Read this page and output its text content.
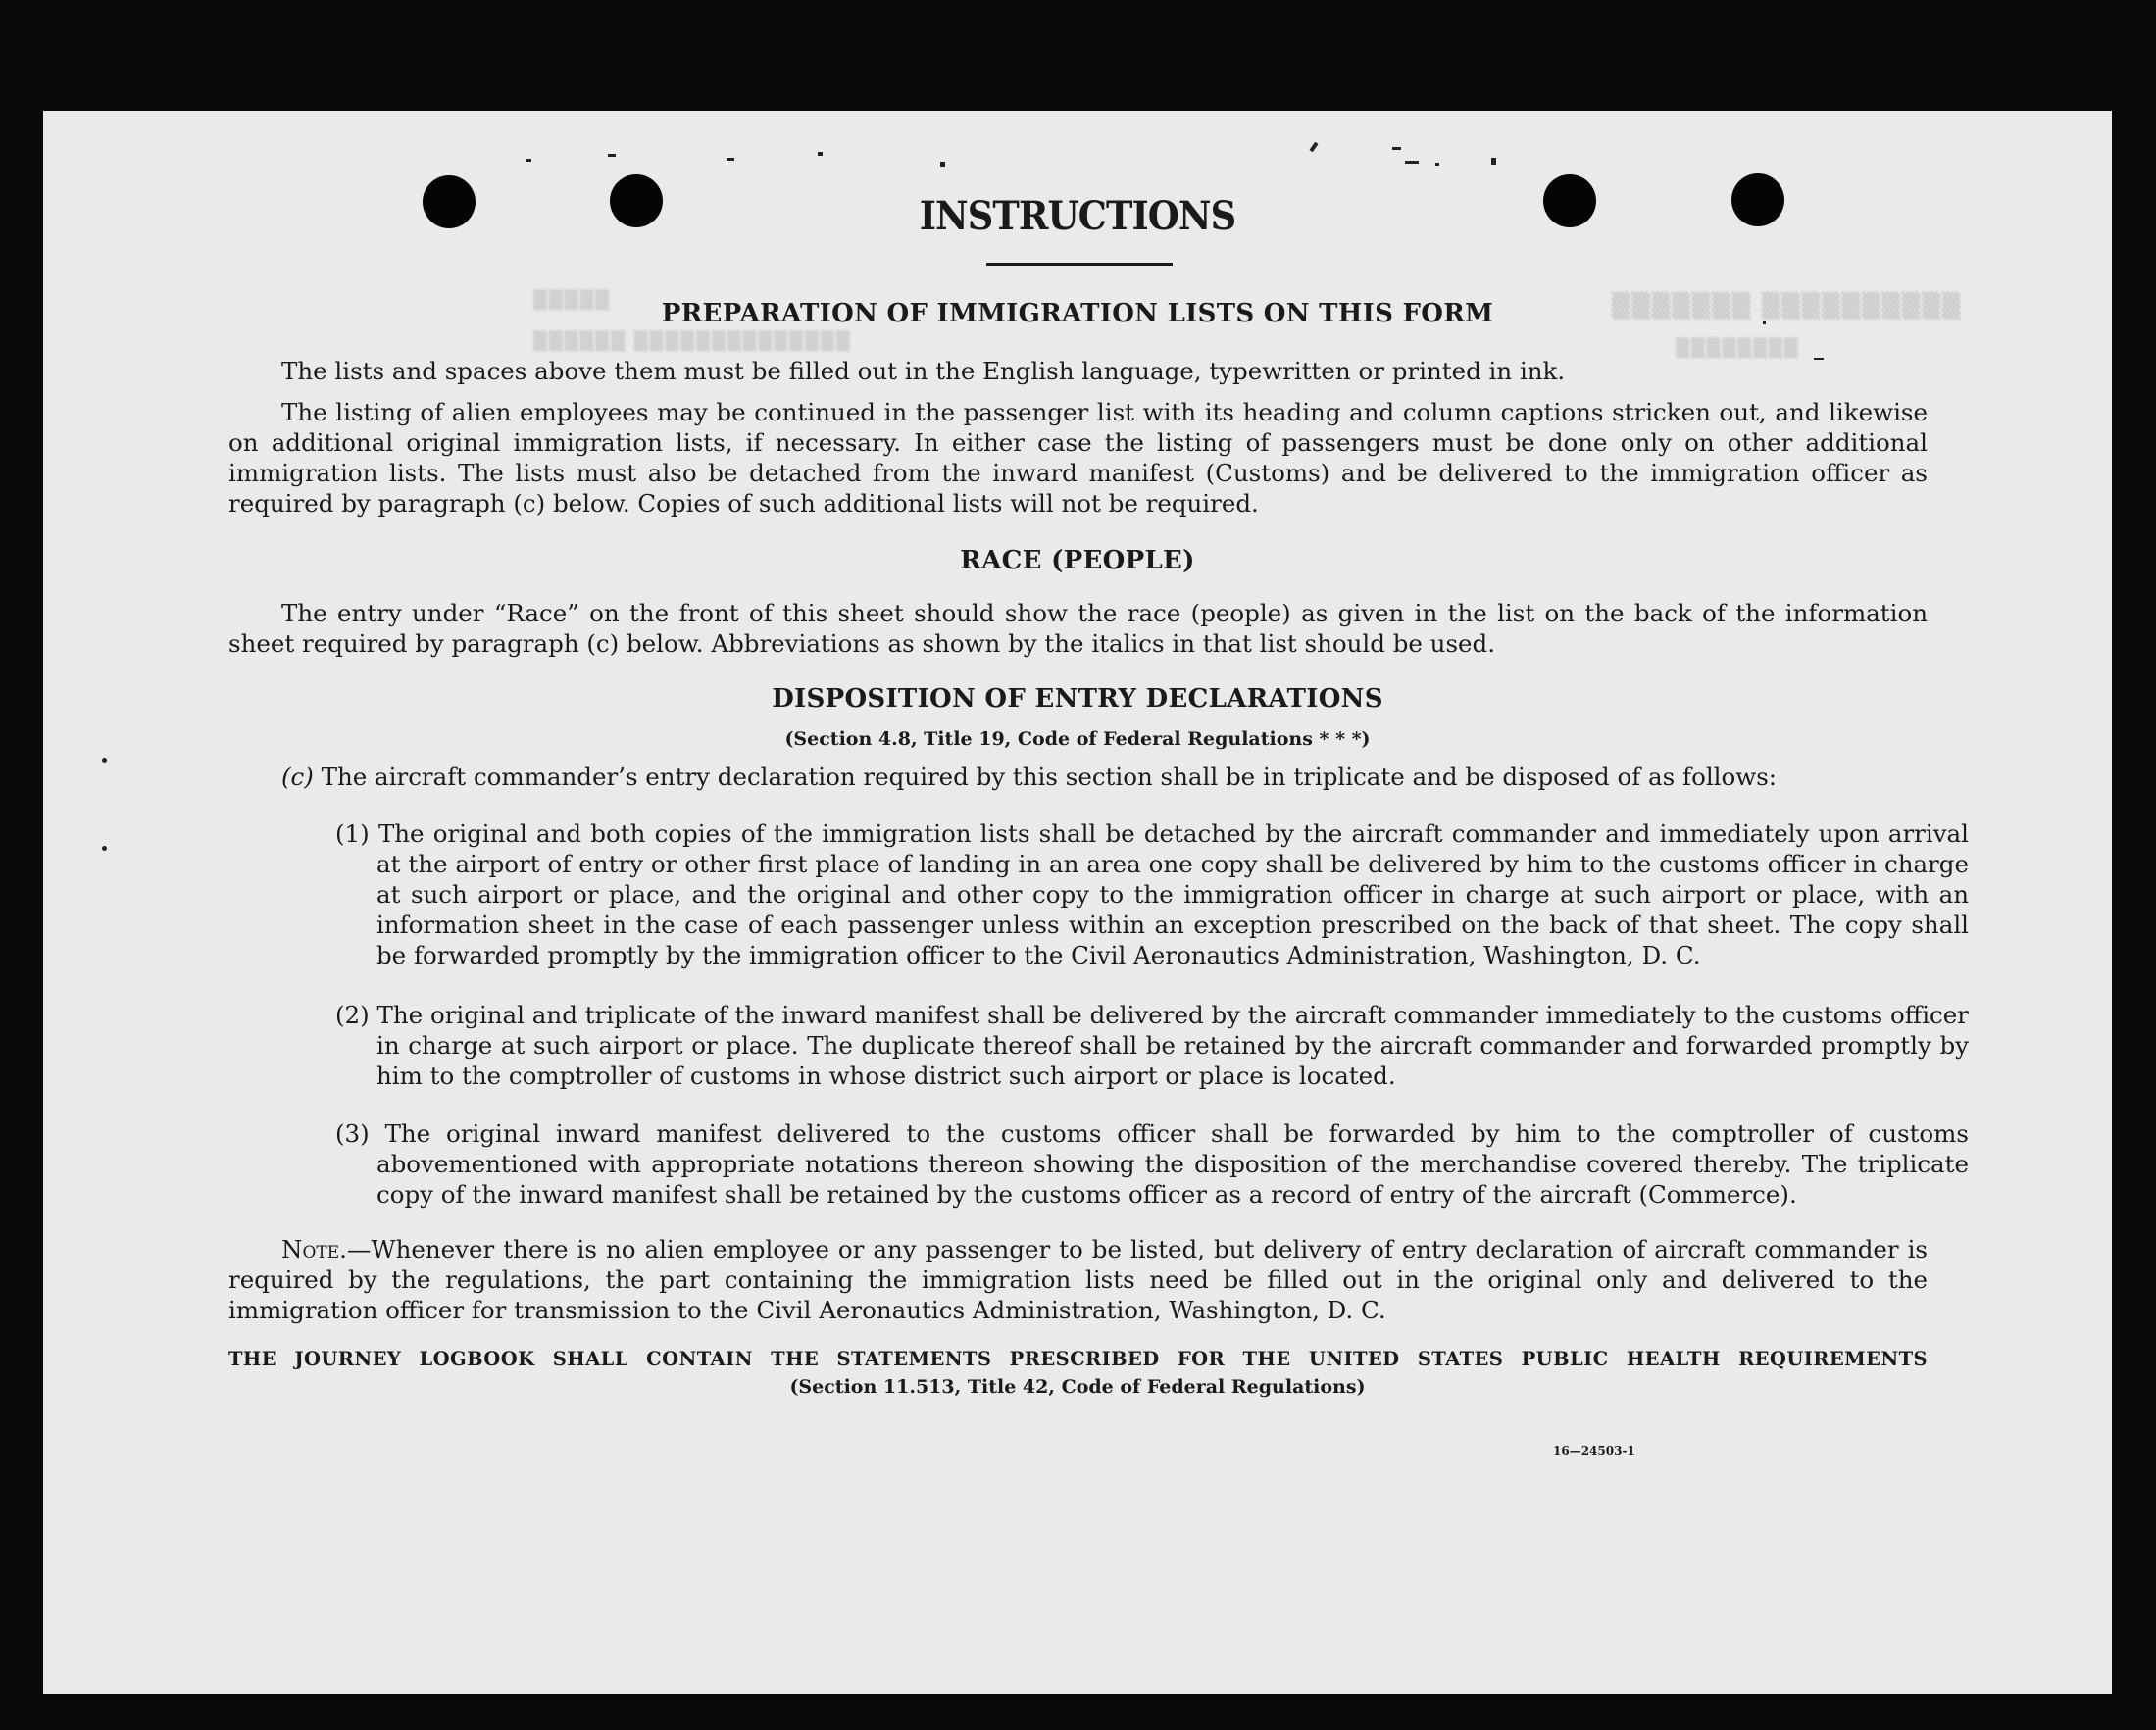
▒▒▒▒▒▒▒ ▒▒▒▒▒▒▒▒▒▒
▒▒▒▒▒▒▒▒
▒▒▒▒▒
▒▒▒▒▒▒ ▒▒▒▒▒▒▒▒▒▒▒▒▒▒
INSTRUCTIONS
PREPARATION OF IMMIGRATION LISTS ON THIS FORM

The lists and spaces above them must be filled out in the English language, typewritten or printed in ink.

The listing of alien employees may be continued in the passenger list with its heading and column captions stricken out, and likewise on additional original immigration lists, if necessary. In either case the listing of passengers must be done only on other additional immigration lists. The lists must also be detached from the inward manifest (Customs) and be delivered to the immigration officer as required by paragraph (c) below. Copies of such additional lists will not be required.

RACE (PEOPLE)

The entry under “Race” on the front of this sheet should show the race (people) as given in the list on the back of the information sheet required by paragraph (c) below. Abbreviations as shown by the italics in that list should be used.

DISPOSITION OF ENTRY DECLARATIONS
(Section 4.8, Title 19, Code of Federal Regulations * * *)

(c) The aircraft commander’s entry declaration required by this section shall be in triplicate and be disposed of as follows:

(1) The original and both copies of the immigration lists shall be detached by the aircraft commander and immediately upon arrival at the airport of entry or other first place of landing in an area one copy shall be delivered by him to the customs officer in charge at such airport or place, and the original and other copy to the immigration officer in charge at such airport or place, with an information sheet in the case of each passenger unless within an exception prescribed on the back of that sheet. The copy shall be forwarded promptly by the immigration officer to the Civil Aeronautics Administration, Washington, D. C.

(2) The original and triplicate of the inward manifest shall be delivered by the aircraft commander immediately to the customs officer in charge at such airport or place. The duplicate thereof shall be retained by the aircraft commander and forwarded promptly by him to the comptroller of customs in whose district such airport or place is located.

(3) The original inward manifest delivered to the customs officer shall be forwarded by him to the comptroller of customs abovementioned with appropriate notations thereon showing the disposition of the merchandise covered thereby. The triplicate copy of the inward manifest shall be retained by the customs officer as a record of entry of the aircraft (Commerce).

Note.—Whenever there is no alien employee or any passenger to be listed, but delivery of entry declaration of aircraft commander is required by the regulations, the part containing the immigration lists need be filled out in the original only and delivered to the immigration officer for transmission to the Civil Aeronautics Administration, Washington, D. C.

THE JOURNEY LOGBOOK SHALL CONTAIN THE STATEMENTS PRESCRIBED FOR THE UNITED STATES PUBLIC HEALTH REQUIREMENTS
(Section 11.513, Title 42, Code of Federal Regulations)
16—24503-1
